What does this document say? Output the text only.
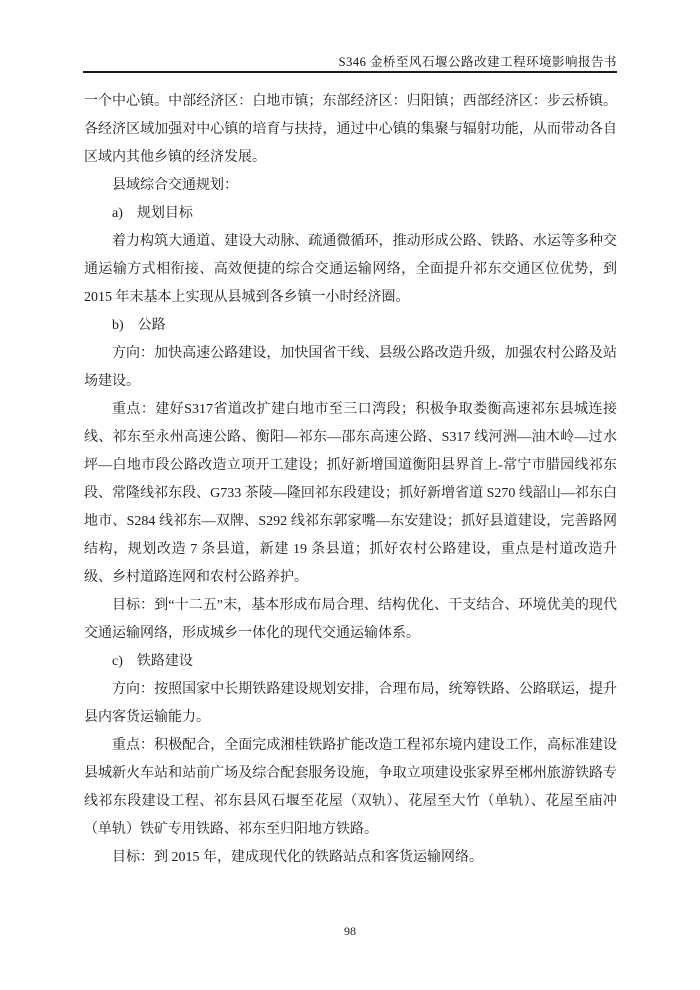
S346 金桥至风石堰公路改建工程环境影响报告书

一个中心镇。中部经济区：白地市镇；东部经济区：归阳镇；西部经济区：步云桥镇。各经济区域加强对中心镇的培育与扶持，通过中心镇的集聚与辐射功能，从而带动各自区域内其他乡镇的经济发展。

县域综合交通规划：

a)　规划目标

着力构筑大通道、建设大动脉、疏通微循环，推动形成公路、铁路、水运等多种交通运输方式相衔接、高效便捷的综合交通运输网络，全面提升祁东交通区位优势，到 2015 年末基本上实现从县城到各乡镇一小时经济圈。

b)　公路

方向：加快高速公路建设，加快国省干线、县级公路改造升级，加强农村公路及站场建设。

重点：建好S317省道改扩建白地市至三口湾段；积极争取娄衡高速祁东县城连接线、祁东至永州高速公路、衡阳—祁东—邵东高速公路、S317 线河洲—油木岭—过水坪—白地市段公路改造立项开工建设；抓好新增国道衡阳县界首上-常宁市腊园线祁东段、常隆线祁东段、G733 茶陵—隆回祁东段建设；抓好新增省道 S270 线韶山—祁东白地市、S284 线祁东—双牌、S292 线祁东郭家嘴—东安建设；抓好县道建设，完善路网结构，规划改造 7 条县道，新建 19 条县道；抓好农村公路建设，重点是村道改造升级、乡村道路连网和农村公路养护。

目标：到“十二五”末，基本形成布局合理、结构优化、干支结合、环境优美的现代交通运输网络，形成城乡一体化的现代交通运输体系。

c)　铁路建设

方向：按照国家中长期铁路建设规划安排，合理布局，统筹铁路、公路联运，提升县内客货运输能力。

重点：积极配合，全面完成湘桂铁路扩能改造工程祁东境内建设工作，高标准建设县城新火车站和站前广场及综合配套服务设施，争取立项建设张家界至郴州旅游铁路专线祁东段建设工程、祁东县风石堰至花屋（双轨）、花屋至大竹（单轨）、花屋至庙冲（单轨）铁矿专用铁路、祁东至归阳地方铁路。

目标：到 2015 年，建成现代化的铁路站点和客货运输网络。

98
